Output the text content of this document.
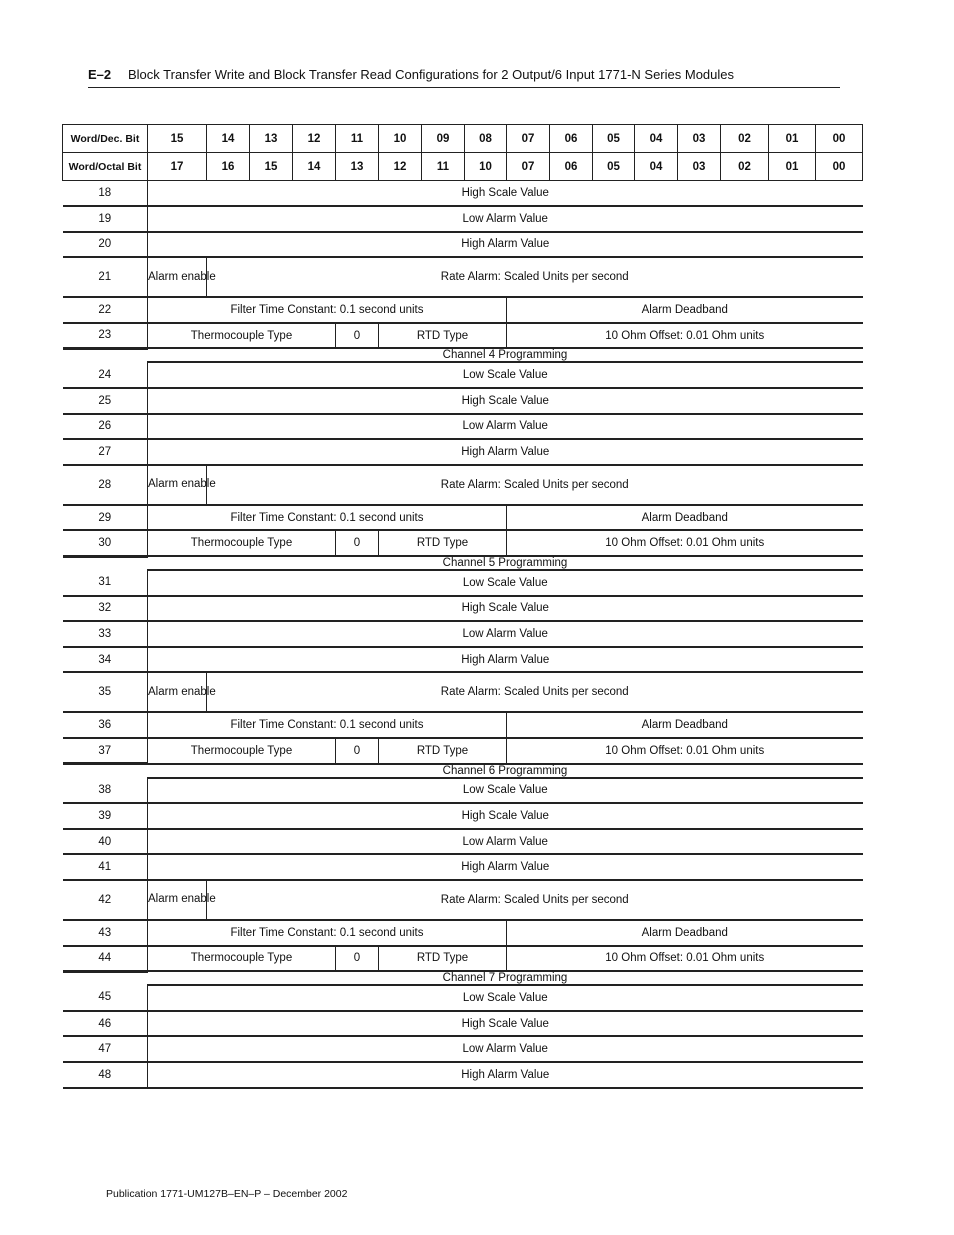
E–2 Block Transfer Write and Block Transfer Read Configurations for 2 Output/6 Input 1771-N Series Modules
Word/Dec. Bit	15	14	13	12	11	10	09	08	07	06	05	04	03	02	01	00
Word/Octal Bit	17	16	15	14	13	12	11	10	07	06	05	04	03	02	01	00
18	High Scale Value															
19	Low Alarm Value															
20	High Alarm Value															
21	Alarm enable	Rate Alarm: Scaled Units per second														
22	Filter Time Constant: 0.1 second units								Alarm Deadband							
23	Thermocouple Type				0	RTD Type			10 Ohm Offset: 0.01 Ohm units							
	Channel 4 Programming															
24	Low Scale Value															
25	High Scale Value															
26	Low Alarm Value															
27	High Alarm Value															
28	Alarm enable	Rate Alarm: Scaled Units per second														
29	Filter Time Constant: 0.1 second units								Alarm Deadband							
30	Thermocouple Type				0	RTD Type			10 Ohm Offset: 0.01 Ohm units							
	Channel 5 Programming															
31	Low Scale Value															
32	High Scale Value															
33	Low Alarm Value															
34	High Alarm Value															
35	Alarm enable	Rate Alarm: Scaled Units per second														
36	Filter Time Constant: 0.1 second units								Alarm Deadband							
37	Thermocouple Type				0	RTD Type			10 Ohm Offset: 0.01 Ohm units							
	Channel 6 Programming															
38	Low Scale Value															
39	High Scale Value															
40	Low Alarm Value															
41	High Alarm Value															
42	Alarm enable	Rate Alarm: Scaled Units per second														
43	Filter Time Constant: 0.1 second units								Alarm Deadband							
44	Thermocouple Type				0	RTD Type			10 Ohm Offset: 0.01 Ohm units							
	Channel 7 Programming															
45	Low Scale Value															
46	High Scale Value															
47	Low Alarm Value															
48	High Alarm Value															
Publication 1771-UM127B–EN–P – December 2002
